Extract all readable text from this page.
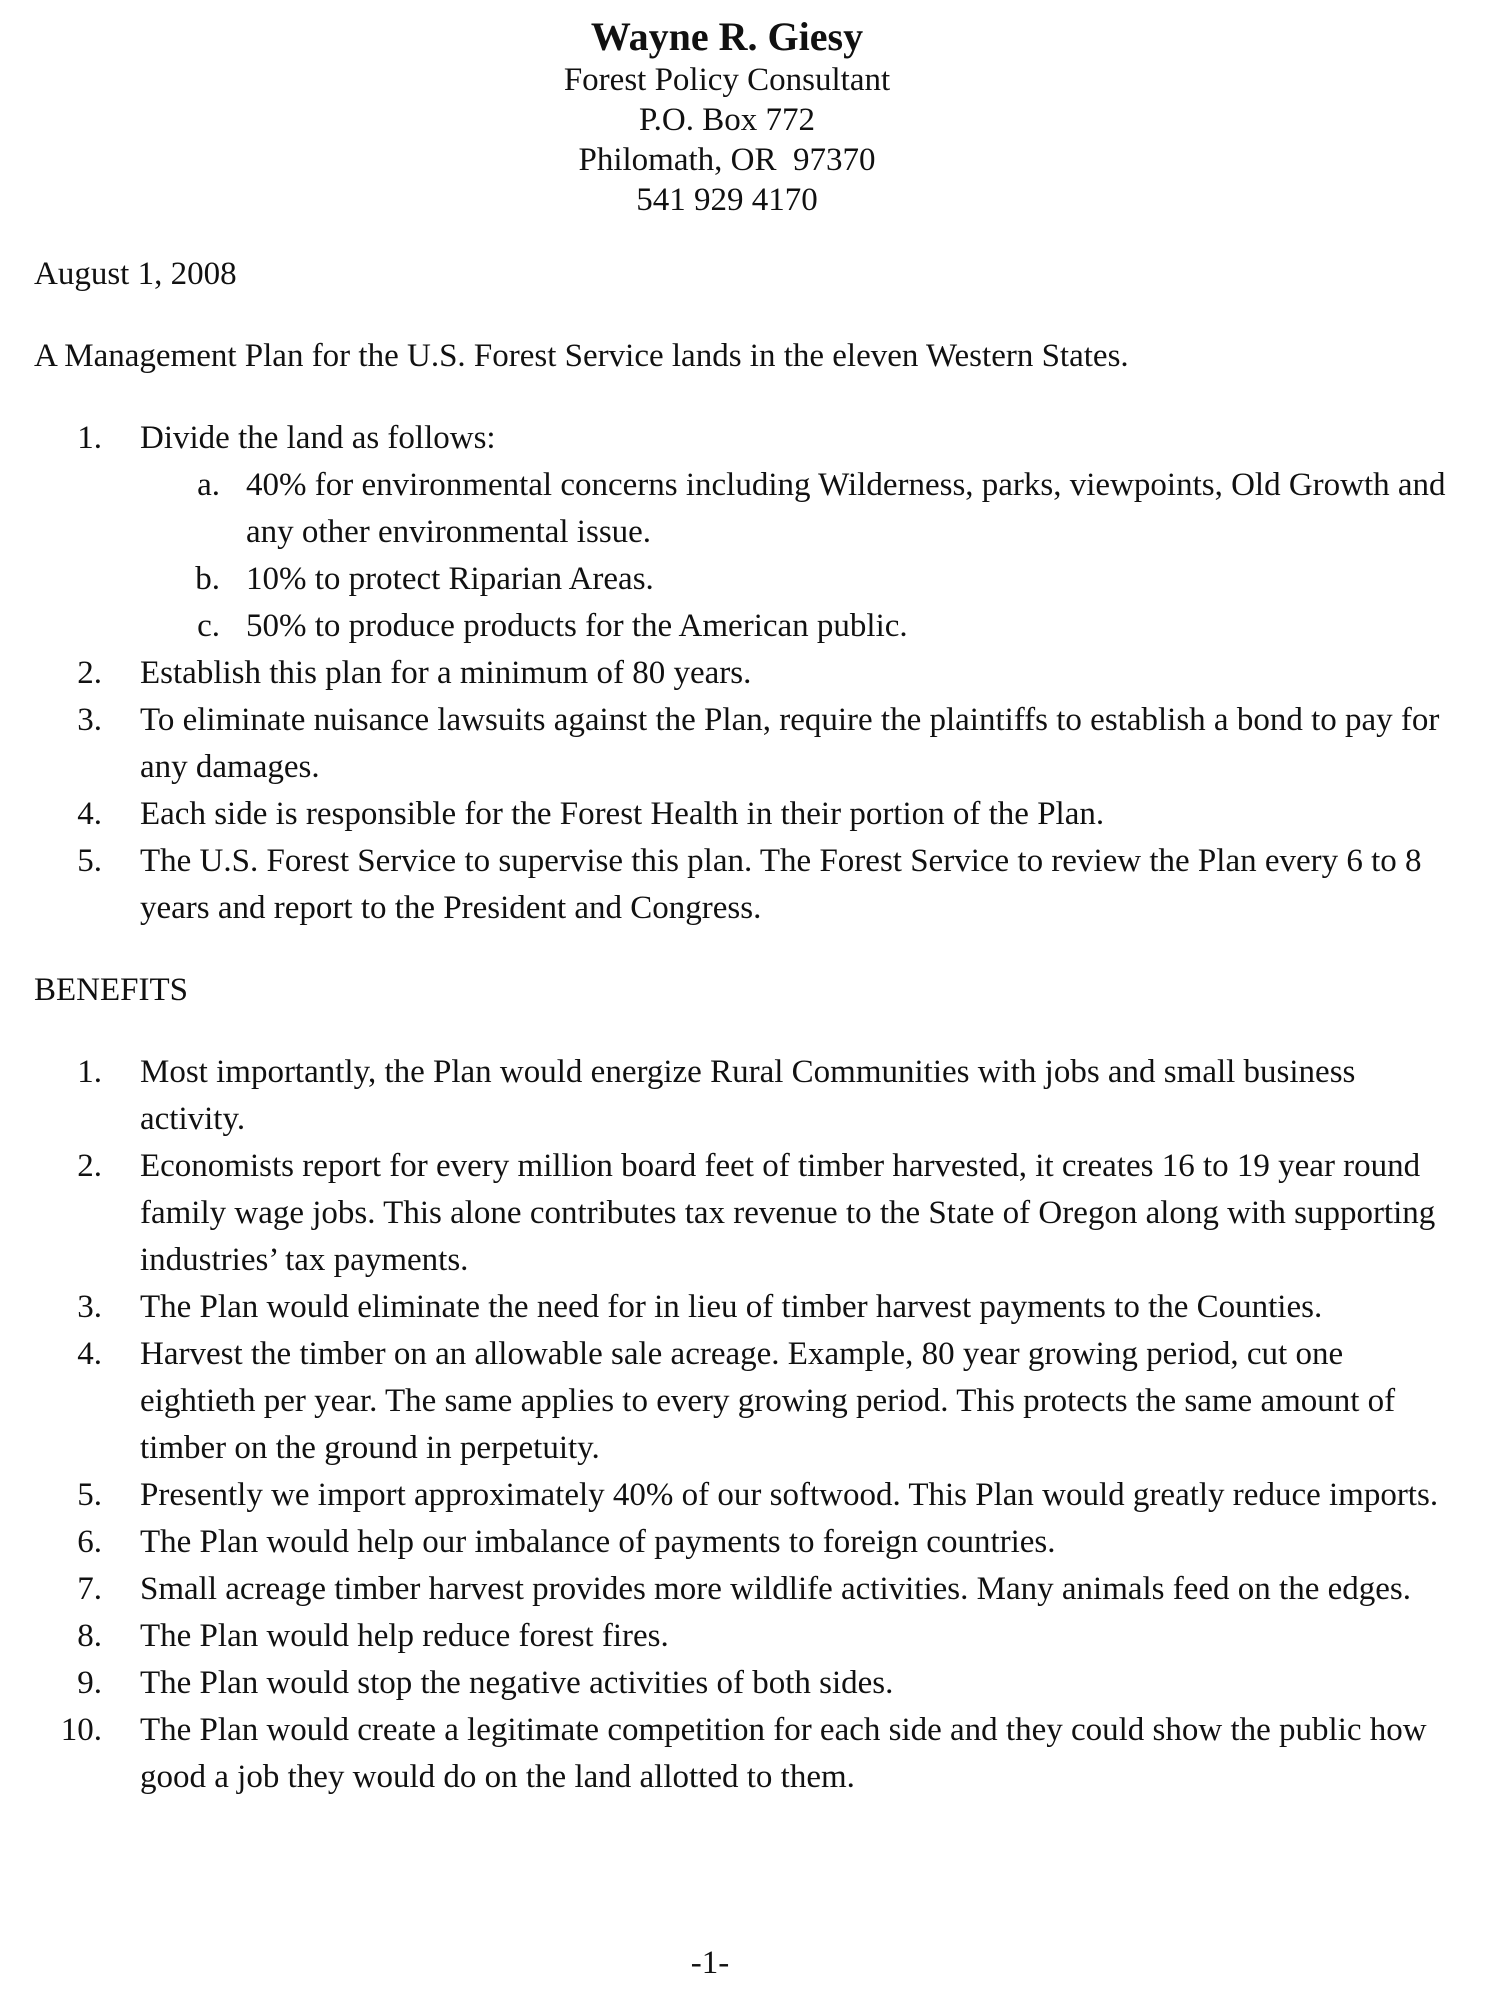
Wayne R. Giesy
Forest Policy Consultant
P.O. Box 772
Philomath, OR  97370
541 929 4170
August 1, 2008
A Management Plan for the U.S. Forest Service lands in the eleven Western States.
1. Divide the land as follows:
a. 40% for environmental concerns including Wilderness, parks, viewpoints, Old Growth and any other environmental issue.
b. 10% to protect Riparian Areas.
c. 50% to produce products for the American public.
2. Establish this plan for a minimum of 80 years.
3. To eliminate nuisance lawsuits against the Plan, require the plaintiffs to establish a bond to pay for any damages.
4. Each side is responsible for the Forest Health in their portion of the Plan.
5. The U.S. Forest Service to supervise this plan. The Forest Service to review the Plan every 6 to 8 years and report to the President and Congress.
BENEFITS
1. Most importantly, the Plan would energize Rural Communities with jobs and small business activity.
2. Economists report for every million board feet of timber harvested, it creates 16 to 19 year round family wage jobs. This alone contributes tax revenue to the State of Oregon along with supporting industries’ tax payments.
3. The Plan would eliminate the need for in lieu of timber harvest payments to the Counties.
4. Harvest the timber on an allowable sale acreage. Example, 80 year growing period, cut one eightieth per year. The same applies to every growing period. This protects the same amount of timber on the ground in perpetuity.
5. Presently we import approximately 40% of our softwood. This Plan would greatly reduce imports.
6. The Plan would help our imbalance of payments to foreign countries.
7. Small acreage timber harvest provides more wildlife activities. Many animals feed on the edges.
8. The Plan would help reduce forest fires.
9. The Plan would stop the negative activities of both sides.
10. The Plan would create a legitimate competition for each side and they could show the public how good a job they would do on the land allotted to them.
-1-
